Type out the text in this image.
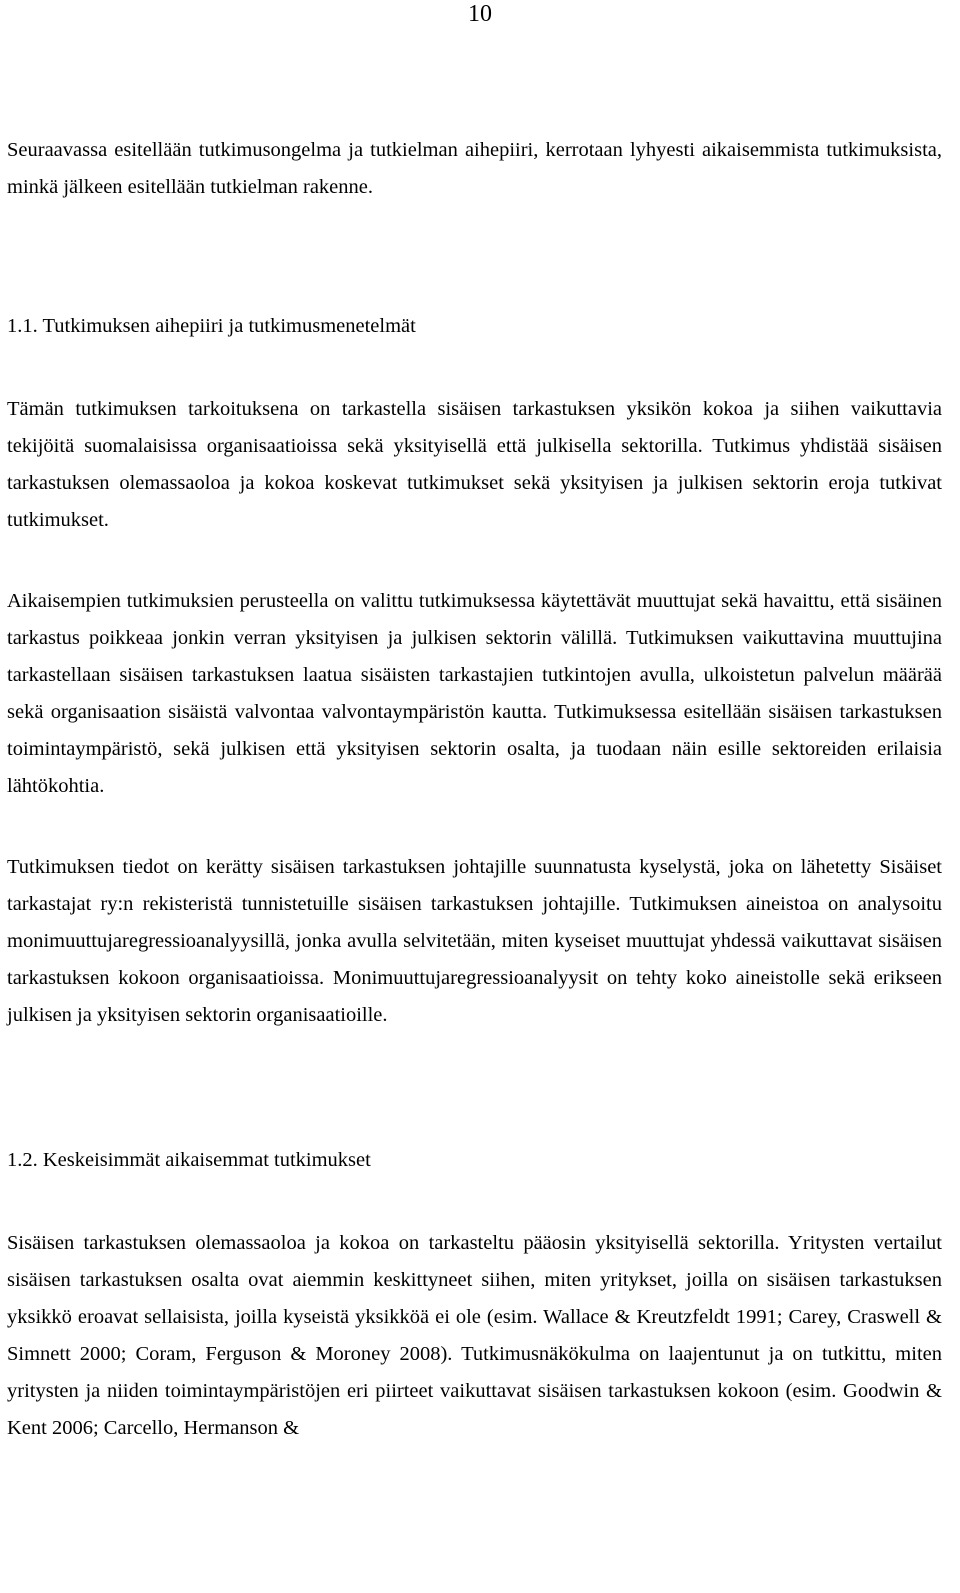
10

Seuraavassa esitellään tutkimusongelma ja tutkielman aihepiiri, kerrotaan lyhyesti aikaisemmista tutkimuksista, minkä jälkeen esitellään tutkielman rakenne.

1.1. Tutkimuksen aihepiiri ja tutkimusmenetelmät

Tämän tutkimuksen tarkoituksena on tarkastella sisäisen tarkastuksen yksikön kokoa ja siihen vaikuttavia tekijöitä suomalaisissa organisaatioissa sekä yksityisellä että julkisella sektorilla. Tutkimus yhdistää sisäisen tarkastuksen olemassaoloa ja kokoa koskevat tutkimukset sekä yksityisen ja julkisen sektorin eroja tutkivat tutkimukset.

Aikaisempien tutkimuksien perusteella on valittu tutkimuksessa käytettävät muuttujat sekä havaittu, että sisäinen tarkastus poikkeaa jonkin verran yksityisen ja julkisen sektorin välillä. Tutkimuksen vaikuttavina muuttujina tarkastellaan sisäisen tarkastuksen laatua sisäisten tarkastajien tutkintojen avulla, ulkoistetun palvelun määrää sekä organisaation sisäistä valvontaa valvontaympäristön kautta. Tutkimuksessa esitellään sisäisen tarkastuksen toimintaympäristö, sekä julkisen että yksityisen sektorin osalta, ja tuodaan näin esille sektoreiden erilaisia lähtökohtia.

Tutkimuksen tiedot on kerätty sisäisen tarkastuksen johtajille suunnatusta kyselystä, joka on lähetetty Sisäiset tarkastajat ry:n rekisteristä tunnistetuille sisäisen tarkastuksen johtajille. Tutkimuksen aineistoa on analysoitu monimuuttujaregressioanalyysillä, jonka avulla selvitetään, miten kyseiset muuttujat yhdessä vaikuttavat sisäisen tarkastuksen kokoon organisaatioissa. Monimuuttujaregressioanalyysit on tehty koko aineistolle sekä erikseen julkisen ja yksityisen sektorin organisaatioille.

1.2. Keskeisimmät aikaisemmat tutkimukset

Sisäisen tarkastuksen olemassaoloa ja kokoa on tarkasteltu pääosin yksityisellä sektorilla. Yritysten vertailut sisäisen tarkastuksen osalta ovat aiemmin keskittyneet siihen, miten yritykset, joilla on sisäisen tarkastuksen yksikkö eroavat sellaisista, joilla kyseistä yksikköä ei ole (esim. Wallace & Kreutzfeldt 1991; Carey, Craswell & Simnett 2000; Coram, Ferguson & Moroney 2008). Tutkimusnäkökulma on laajentunut ja on tutkittu, miten yritysten ja niiden toimintaympäristöjen eri piirteet vaikuttavat sisäisen tarkastuksen kokoon (esim. Goodwin & Kent 2006; Carcello, Hermanson &
